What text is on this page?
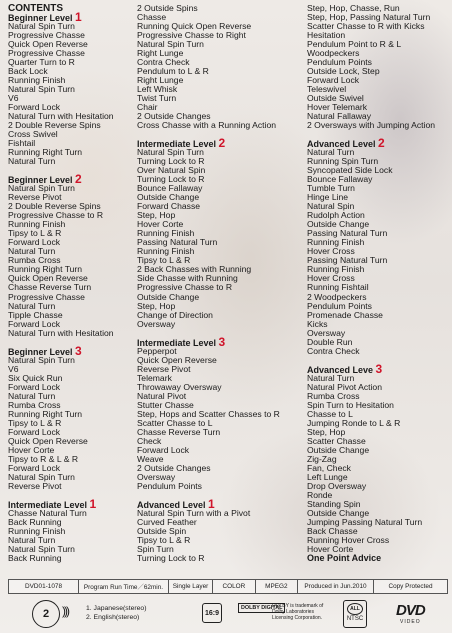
CONTENTS
Beginner Level 1
Natural Spin Turn
Progressive Chasse
Quick Open Reverse
Progressive Chasse
Quarter Turn to R
Back Lock
Running Finish
Natural Spin Turn
V6
Forward Lock
Natural Turn with Hesitation
2 Double Reverse Spins
Cross Swivel
Fishtail
Running Right Turn
Natural Turn
Beginner Level 2
Natural Spin Turn
Reverse Pivot
2 Double Reverse Spins
Progressive Chasse to R
Running Finish
Tipsy to L & R
Forward Lock
Natural Turn
Rumba Cross
Running Right Turn
Quick Open Reverse
Chasse Reverse Turn
Progressive Chasse
Natural Turn
Tipple Chasse
Forward Lock
Natural Turn with Hesitation
Beginner Level 3
Natural Spin Turn
V6
Six Quick Run
Forward Lock
Natural Turn
Rumba Cross
Running Right Turn
Tipsy to L & R
Forward Lock
Quick Open Reverse
Hover Corte
Tipsy to R & L & R
Forward Lock
Natural Spin Turn
Reverse Pivot
Intermediate Level 1
Chasse Natural Turn
Back Running
Running Finish
Natural Turn
Natural Spin Turn
Back Running
2 Outside Spins
Chasse
Running Quick Open Reverse
Progressive Chasse to Right
Natural Spin Turn
Right Lunge
Contra Check
Pendulum to L & R
Right Lunge
Left Whisk
Twist Turn
Chair
2 Outside Changes
Cross Chasse with a Running Action
Intermediate Level 2
Natural Spin Turn
Turning Lock to R
Over Natural Spin
Turning Lock to R
Bounce Fallaway
Outside Change
Forward Chasse
Step, Hop
Hover Corte
Running Finish
Passing Natural Turn
Running Finish
Tipsy to L & R
2 Back Chasses with Running
Side Chasse with Running
Progressive Chasse to R
Outside Change
Step, Hop
Change of Direction
Oversway
Intermediate Level 3
Pepperpot
Quick Open Reverse
Reverse Pivot
Telemark
Throwaway Oversway
Natural Pivot
Stutter Chasse
Step, Hops and Scatter Chasses to R
Scatter Chasse to L
Chasse Reverse Turn
Check
Forward Lock
Weave
2 Outside Changes
Oversway
Pendulum Points
Advanced Level 1
Natural Spin Turn with a Pivot
Curved Feather
Outside Spin
Tipsy to L & R
Spin Turn
Turning Lock to R
Step, Hop, Chasse, Run
Step, Hop, Passing Natural Turn
Scatter Chasse to R with Kicks
Hesitation
Pendulum Point to R & L
Woodpeckers
Pendulum Points
Outside Lock, Step
Forward Lock
Teleswivel
Outside Swivel
Hover Telemark
Natural Fallaway
2 Oversways with Jumping Action
Advanced Level 2
Natural Turn
Running Spin Turn
Syncopated Side Lock
Bounce Fallaway
Tumble Turn
Hinge Line
Natural Spin
Rudolph Action
Outside Change
Passing Natural Turn
Running Finish
Hover Cross
Passing Natural Turn
Running Finish
Hover Cross
Running Fishtail
2 Woodpeckers
Pendulum Points
Promenade Chasse
Kicks
Oversway
Double Run
Contra Check
Advanced Leve 3
Natural Turn
Natural Pivot Action
Rumba Cross
Spin Turn to Hesitation
Chasse to L
Jumping Ronde to L & R
Step, Hop
Scatter Chasse
Outside Change
Zig-Zag
Fan, Check
Left Lunge
Drop Oversway
Ronde
Standing Spin
Outside Change
Jumping Passing Natural Turn
Back Chasse
Running Hover Cross
Hover Corte
One Point Advice
DVD01-1078	Program Run Time／62min.	Single Layer	COLOR	MPEG2	Produced in Jun.2010	Copy Protected
2 )))	1. Japanese(stereo)
2. English(stereo)
16:9
DOLBY DIGITAL
DOLBY is trademark of Dolby Laboratories Licensing Corporation.
ALL
NTSC DVD
VIDEO
